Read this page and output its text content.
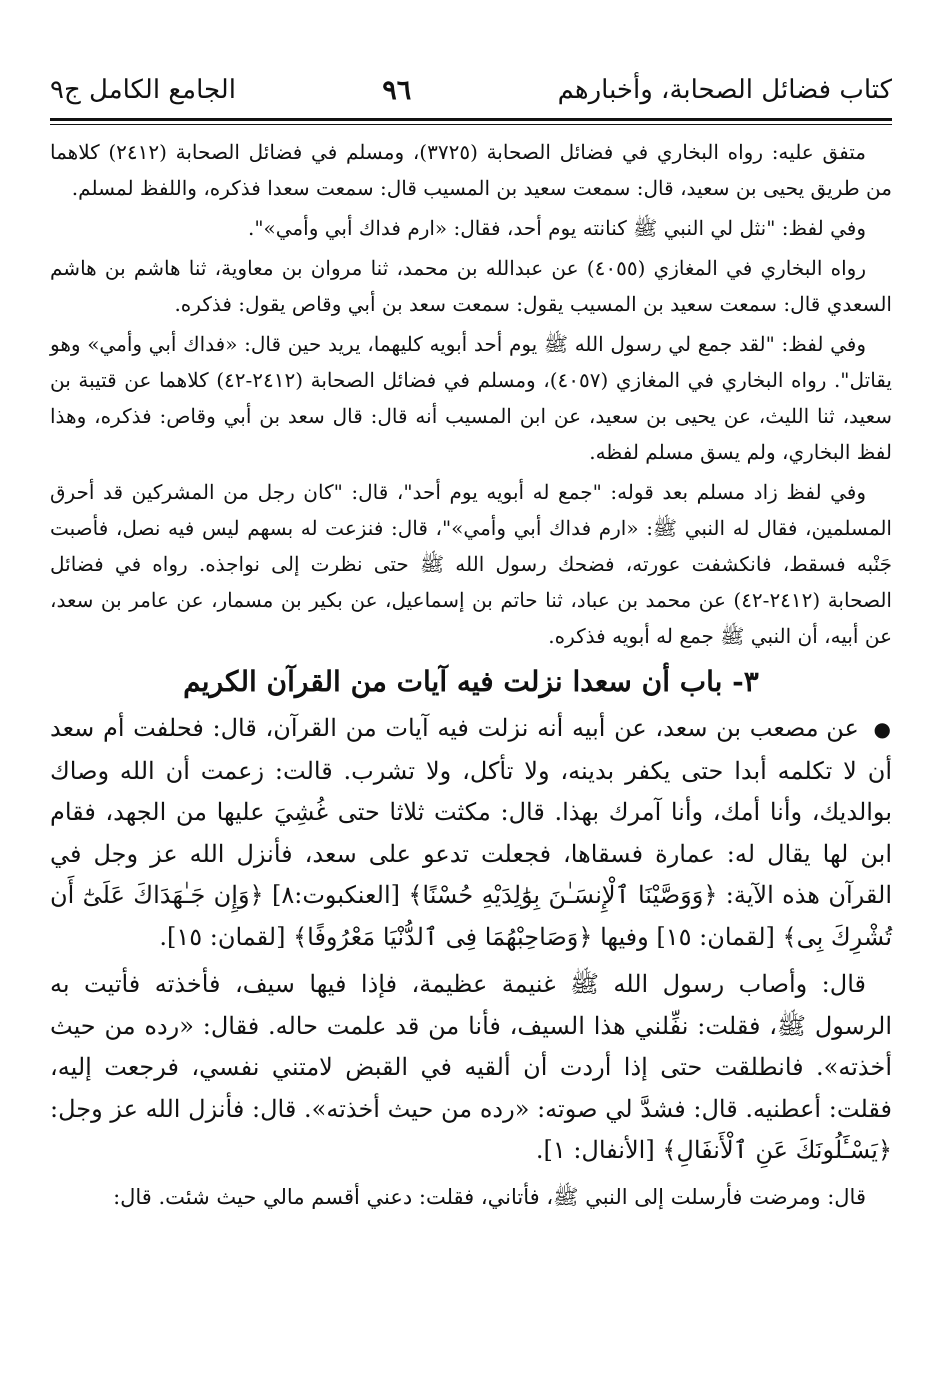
كتاب فضائل الصحابة، وأخبارهم
٩٦
الجامع الكامل ج٩

متفق عليه: رواه البخاري في فضائل الصحابة (٣٧٢٥)، ومسلم في فضائل الصحابة (٢٤١٢) كلاهما من طريق يحيى بن سعيد، قال: سمعت سعيد بن المسيب قال: سمعت سعدا فذكره، واللفظ لمسلم.

وفي لفظ: "نثل لي النبي ﷺ كنانته يوم أحد، فقال: «ارم فداك أبي وأمي»".

رواه البخاري في المغازي (٤٠٥٥) عن عبدالله بن محمد، ثنا مروان بن معاوية، ثنا هاشم بن هاشم السعدي قال: سمعت سعيد بن المسيب يقول: سمعت سعد بن أبي وقاص يقول: فذكره.

وفي لفظ: "لقد جمع لي رسول الله ﷺ يوم أحد أبويه كليهما، يريد حين قال: «فداك أبي وأمي» وهو يقاتل". رواه البخاري في المغازي (٤٠٥٧)، ومسلم في فضائل الصحابة (٢٤١٢-٤٢) كلاهما عن قتيبة بن سعيد، ثنا الليث، عن يحيى بن سعيد، عن ابن المسيب أنه قال: قال سعد بن أبي وقاص: فذكره، وهذا لفظ البخاري، ولم يسق مسلم لفظه.

وفي لفظ زاد مسلم بعد قوله: "جمع له أبويه يوم أحد"، قال: "كان رجل من المشركين قد أحرق المسلمين، فقال له النبي ﷺ: «ارم فداك أبي وأمي»"، قال: فنزعت له بسهم ليس فيه نصل، فأصبت جَنْبه فسقط، فانكشفت عورته، فضحك رسول الله ﷺ حتى نظرت إلى نواجذه. رواه في فضائل الصحابة (٢٤١٢-٤٢) عن محمد بن عباد، ثنا حاتم بن إسماعيل، عن بكير بن مسمار، عن عامر بن سعد، عن أبيه، أن النبي ﷺ جمع له أبويه فذكره.

٣- باب أن سعدا نزلت فيه آيات من القرآن الكريم

● عن مصعب بن سعد، عن أبيه أنه نزلت فيه آيات من القرآن، قال: فحلفت أم سعد أن لا تكلمه أبدا حتى يكفر بدينه، ولا تأكل، ولا تشرب. قالت: زعمت أن الله وصاك بوالديك، وأنا أمك، وأنا آمرك بهذا. قال: مكثت ثلاثا حتى غُشِيَ عليها من الجهد، فقام ابن لها يقال له: عمارة فسقاها، فجعلت تدعو على سعد، فأنزل الله عز وجل في القرآن هذه الآية: ﴿وَوَصَّيْنَا ٱلْإِنسَـٰنَ بِوَٰلِدَيْهِ حُسْنًا﴾ [العنكبوت:٨] ﴿وَإِن جَـٰهَدَاكَ عَلَىٰٓ أَن تُشْرِكَ بِى﴾ [لقمان: ١٥] وفيها ﴿وَصَاحِبْهُمَا فِى ٱلدُّنْيَا مَعْرُوفًا﴾ [لقمان: ١٥].

قال: وأصاب رسول الله ﷺ غنيمة عظيمة، فإذا فيها سيف، فأخذته فأتيت به الرسول ﷺ، فقلت: نفِّلني هذا السيف، فأنا من قد علمت حاله. فقال: «رده من حيث أخذته». فانطلقت حتى إذا أردت أن ألقيه في القبض لامتني نفسي، فرجعت إليه، فقلت: أعطنيه. قال: فشدَّ لي صوته: «رده من حيث أخذته». قال: فأنزل الله عز وجل: ﴿يَسْـَٔلُونَكَ عَنِ ٱلْأَنفَالِ﴾ [الأنفال: ١].

قال: ومرضت فأرسلت إلى النبي ﷺ، فأتاني، فقلت: دعني أقسم مالي حيث شئت. قال:
